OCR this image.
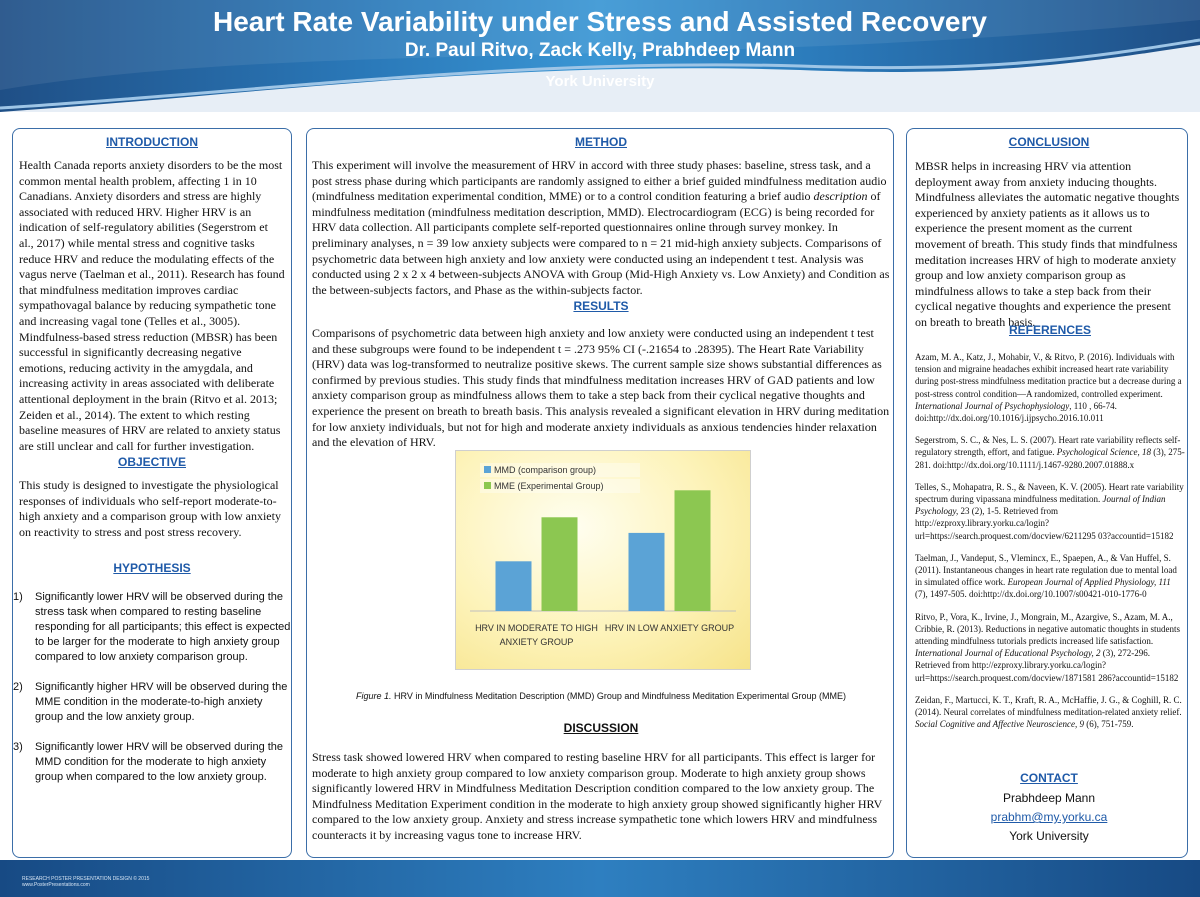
Heart Rate Variability under Stress and Assisted Recovery
Dr. Paul Ritvo, Zack Kelly, Prabhdeep Mann
York University
INTRODUCTION

Health Canada reports anxiety disorders to be the most common mental health problem, affecting 1 in 10 Canadians. Anxiety disorders and stress are highly associated with reduced HRV. Higher HRV is an indication of self-regulatory abilities (Segerstrom et al., 2017) while mental stress and cognitive tasks reduce HRV and reduce the modulating effects of the vagus nerve (Taelman et al., 2011). Research has found that mindfulness meditation improves cardiac sympathovagal balance by reducing sympathetic tone and increasing vagal tone (Telles et al., 3005). Mindfulness-based stress reduction (MBSR) has been successful in significantly decreasing negative emotions, reducing activity in the amygdala, and increasing activity in areas associated with deliberate attentional deployment in the brain (Ritvo et al. 2013; Zeiden et al., 2014). The extent to which resting baseline measures of HRV are related to anxiety status are still unclear and call for further investigation.

OBJECTIVE

This study is designed to investigate the physiological responses of individuals who self-report moderate-to-high anxiety and a comparison group with low anxiety on reactivity to stress and post stress recovery.

HYPOTHESIS
1) Significantly lower HRV will be observed during the stress task when compared to resting baseline responding for all participants; this effect is expected to be larger for the moderate to high anxiety group compared to low anxiety comparison group.
2) Significantly higher HRV will be observed during the MME condition in the moderate-to-high anxiety group and the low anxiety group.
3) Significantly lower HRV will be observed during the MMD condition for the moderate to high anxiety group when compared to the low anxiety group.
METHOD

This experiment will involve the measurement of HRV in accord with three study phases: baseline, stress task, and a post stress phase during which participants are randomly assigned to either a brief guided mindfulness meditation audio (mindfulness meditation experimental condition, MME) or to a control condition featuring a brief audio description of mindfulness meditation (mindfulness meditation description, MMD). Electrocardiogram (ECG) is being recorded for HRV data collection. All participants complete self-reported questionnaires online through survey monkey. In preliminary analyses, n = 39 low anxiety subjects were compared to n = 21 mid-high anxiety subjects. Comparisons of psychometric data between high anxiety and low anxiety were conducted using an independent t test. Analysis was conducted using 2 x 2 x 4 between-subjects ANOVA with Group (Mid-High Anxiety vs. Low Anxiety) and Condition as the between-subjects factors, and Phase as the within-subjects factor.

RESULTS

Comparisons of psychometric data between high anxiety and low anxiety were conducted using an independent t test and these subgroups were found to be independent t = .273 95% CI (-.21654 to .28395). The Heart Rate Variability (HRV) data was log-transformed to neutralize positive skews. The current sample size shows substantial differences as confirmed by previous studies. This study finds that mindfulness meditation increases HRV of GAD patients and low anxiety comparison group as mindfulness allows them to take a step back from their cyclical negative thoughts and experience the present on breath to breath basis. This analysis revealed a significant elevation in HRV during meditation for low anxiety individuals, but not for high and moderate anxiety individuals as anxious tendencies hinder relaxation and the elevation of HRV.

MMD (comparison group)
MME (Experimental Group)
HRV IN MODERATE TO HIGH
ANXIETY GROUP
HRV IN LOW ANXIETY GROUP
Figure 1. HRV in Mindfulness Meditation Description (MMD) Group and Mindfulness Meditation Experimental Group (MME)
DISCUSSION

Stress task showed lowered HRV when compared to resting baseline HRV for all participants. This effect is larger for moderate to high anxiety group compared to low anxiety comparison group. Moderate to high anxiety group shows significantly lowered HRV in Mindfulness Meditation Description condition compared to the low anxiety group. The Mindfulness Meditation Experiment condition in the moderate to high anxiety group showed significantly higher HRV compared to the low anxiety group. Anxiety and stress increase sympathetic tone which lowers HRV and mindfulness counteracts it by increasing vagus tone to increase HRV.

CONCLUSION

MBSR helps in increasing HRV via attention deployment away from anxiety inducing thoughts. Mindfulness alleviates the automatic negative thoughts experienced by anxiety patients as it allows us to experience the present moment as the current movement of breath. This study finds that mindfulness meditation increases HRV of high to moderate anxiety group and low anxiety comparison group as mindfulness allows to take a step back from their cyclical negative thoughts and experience the present on breath to breath basis.

REFERENCES

Azam, M. A., Katz, J., Mohabir, V., & Ritvo, P. (2016). Individuals with tension and migraine headaches exhibit increased heart rate variability during post-stress mindfulness meditation practice but a decrease during a post-stress control condition—A randomized, controlled experiment. International Journal of Psychophysiology, 110 , 66-74. doi:http://dx.doi.org/10.1016/j.ijpsycho.2016.10.011

Segerstrom, S. C., & Nes, L. S. (2007). Heart rate variability reflects self-regulatory strength, effort, and fatigue. Psychological Science, 18 (3), 275-281. doi:http://dx.doi.org/10.1111/j.1467-9280.2007.01888.x

Telles, S., Mohapatra, R. S., & Naveen, K. V. (2005). Heart rate variability spectrum during vipassana mindfulness meditation. Journal of Indian Psychology, 23 (2), 1-5. Retrieved from http://ezproxy.library.yorku.ca/login?url=https://search.proquest.com/docview/6211295 03?accountid=15182

Taelman, J., Vandeput, S., Vlemincx, E., Spaepen, A., & Van Huffel, S. (2011). Instantaneous changes in heart rate regulation due to mental load in simulated office work. European Journal of Applied Physiology, 111 (7), 1497-505. doi:http://dx.doi.org/10.1007/s00421-010-1776-0

Ritvo, P., Vora, K., Irvine, J., Mongrain, M., Azargive, S., Azam, M. A., Cribbie, R. (2013). Reductions in negative automatic thoughts in students attending mindfulness tutorials predicts increased life satisfaction. International Journal of Educational Psychology, 2 (3), 272-296. Retrieved from http://ezproxy.library.yorku.ca/login?url=https://search.proquest.com/docview/1871581 286?accountid=15182

Zeidan, F., Martucci, K. T., Kraft, R. A., McHaffie, J. G., & Coghill, R. C. (2014). Neural correlates of mindfulness meditation-related anxiety relief. Social Cognitive and Affective Neuroscience, 9 (6), 751-759.

CONTACT
Prabhdeep Mann
prabhm@my.yorku.ca
York University
RESEARCH POSTER PRESENTATION DESIGN © 2015
www.PosterPresentations.com
